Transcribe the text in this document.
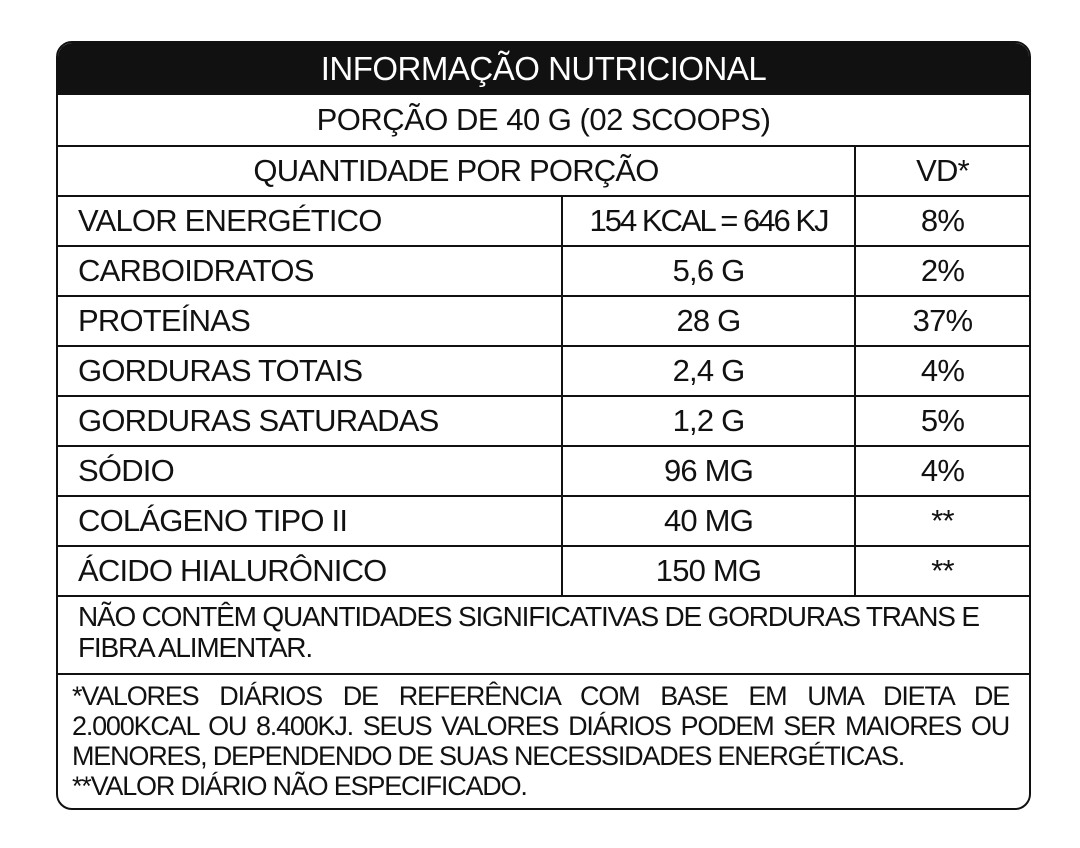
INFORMAÇÃO NUTRICIONAL
PORÇÃO DE 40 G (02 SCOOPS)
QUANTIDADE POR PORÇÃO	VD*
VALOR ENERGÉTICO	154 KCAL = 646 KJ	8%
CARBOIDRATOS	5,6 G	2%
PROTEÍNAS	28 G	37%
GORDURAS TOTAIS	2,4 G	4%
GORDURAS SATURADAS	1,2 G	5%
SÓDIO	96 MG	4%
COLÁGENO TIPO II	40 MG	**
ÁCIDO HIALURÔNICO	150 MG	**
NÃO CONTÊM QUANTIDADES SIGNIFICATIVAS DE GORDURAS TRANS E FIBRA ALIMENTAR.

*VALORES DIÁRIOS DE REFERÊNCIA COM BASE EM UMA DIETA DE 2.000KCAL OU 8.400KJ. SEUS VALORES DIÁRIOS PODEM SER MAIORES OU MENORES, DEPENDENDO DE SUAS NECESSIDADES ENERGÉTICAS.

**VALOR DIÁRIO NÃO ESPECIFICADO.
